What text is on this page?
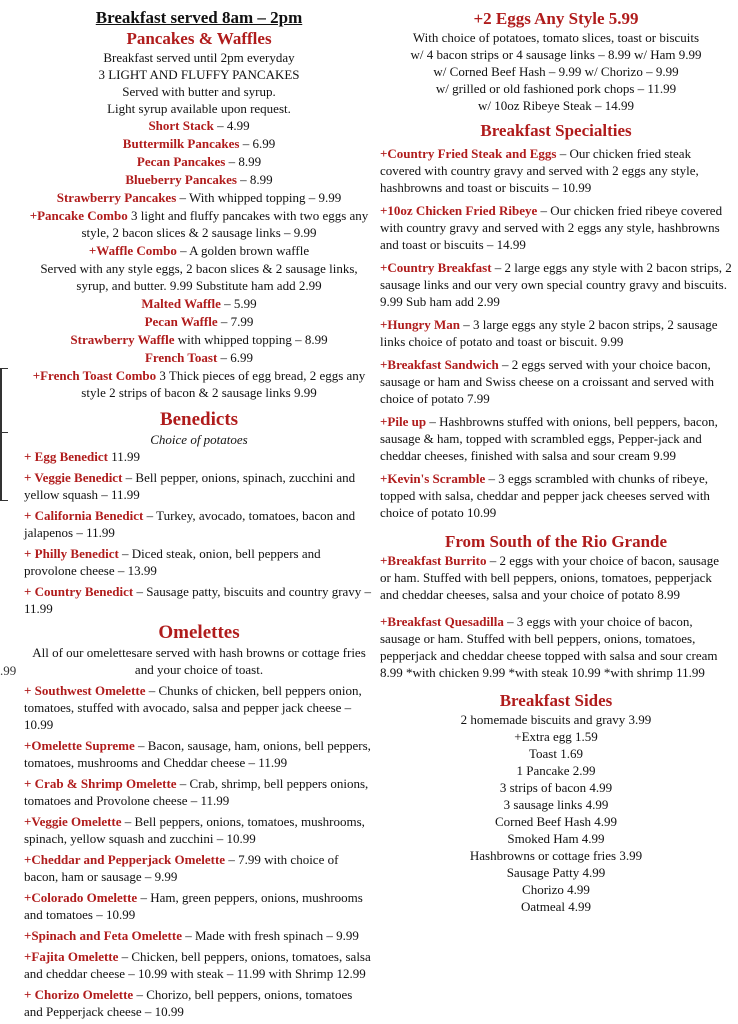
.99
Breakfast served 8am – 2pm
Pancakes & Waffles
Breakfast served until 2pm everyday
3 LIGHT AND FLUFFY PANCAKES
Served with butter and syrup.
Light syrup available upon request.
Short Stack – 4.99
Buttermilk Pancakes – 6.99
Pecan Pancakes – 8.99
Blueberry Pancakes – 8.99
Strawberry Pancakes – With whipped topping – 9.99
+Pancake Combo 3 light and fluffy pancakes with two eggs any style, 2 bacon slices & 2 sausage links – 9.99
+Waffle Combo – A golden brown waffle
Served with any style eggs, 2 bacon slices & 2 sausage links, syrup, and butter. 9.99 Substitute ham add 2.99
Malted Waffle – 5.99
Pecan Waffle – 7.99
Strawberry Waffle with whipped topping – 8.99
French Toast – 6.99
+French Toast Combo 3 Thick pieces of egg bread, 2 eggs any style 2 strips of bacon & 2 sausage links 9.99
Benedicts
Choice of potatoes
+ Egg Benedict 11.99
+ Veggie Benedict – Bell pepper, onions, spinach, zucchini and yellow squash – 11.99
+ California Benedict – Turkey, avocado, tomatoes, bacon and jalapenos – 11.99
+ Philly Benedict – Diced steak, onion, bell peppers and provolone cheese – 13.99
+ Country Benedict – Sausage patty, biscuits and country gravy – 11.99
Omelettes
All of our omelettesare served with hash browns or cottage fries and your choice of toast.
+ Southwest Omelette – Chunks of chicken, bell peppers onion, tomatoes, stuffed with avocado, salsa and pepper jack cheese – 10.99
+Omelette Supreme – Bacon, sausage, ham, onions, bell peppers, tomatoes, mushrooms and Cheddar cheese – 11.99
+ Crab & Shrimp Omelette – Crab, shrimp, bell peppers onions, tomatoes and Provolone cheese – 11.99
+Veggie Omelette – Bell peppers, onions, tomatoes, mushrooms, spinach, yellow squash and zucchini – 10.99
+Cheddar and Pepperjack Omelette – 7.99 with choice of bacon, ham or sausage – 9.99
+Colorado Omelette – Ham, green peppers, onions, mushrooms and tomatoes – 10.99
+Spinach and Feta Omelette – Made with fresh spinach – 9.99
+Fajita Omelette – Chicken, bell peppers, onions, tomatoes, salsa and cheddar cheese – 10.99 with steak – 11.99 with Shrimp 12.99
+ Chorizo Omelette – Chorizo, bell peppers, onions, tomatoes and Pepperjack cheese – 10.99
+2 Eggs Any Style 5.99
With choice of potatoes, tomato slices, toast or biscuits
w/ 4 bacon strips or 4 sausage links – 8.99 w/ Ham 9.99
w/ Corned Beef Hash – 9.99 w/ Chorizo – 9.99
w/ grilled or old fashioned pork chops – 11.99
w/ 10oz Ribeye Steak – 14.99
Breakfast Specialties
+Country Fried Steak and Eggs – Our chicken fried steak covered with country gravy and served with 2 eggs any style, hashbrowns and toast or biscuits – 10.99
+10oz Chicken Fried Ribeye – Our chicken fried ribeye covered with country gravy and served with 2 eggs any style, hashbrowns and toast or biscuits – 14.99
+Country Breakfast – 2 large eggs any style with 2 bacon strips, 2 sausage links and our very own special country gravy and biscuits. 9.99 Sub ham add 2.99
+Hungry Man – 3 large eggs any style 2 bacon strips, 2 sausage links choice of potato and toast or biscuit. 9.99
+Breakfast Sandwich – 2 eggs served with your choice bacon, sausage or ham and Swiss cheese on a croissant and served with choice of potato 7.99
+Pile up – Hashbrowns stuffed with onions, bell peppers, bacon, sausage & ham, topped with scrambled eggs, Pepper-jack and cheddar cheeses, finished with salsa and sour cream 9.99
+Kevin's Scramble – 3 eggs scrambled with chunks of ribeye, topped with salsa, cheddar and pepper jack cheeses served with choice of potato 10.99
From South of the Rio Grande
+Breakfast Burrito – 2 eggs with your choice of bacon, sausage or ham. Stuffed with bell peppers, onions, tomatoes, pepperjack and cheddar cheeses, salsa and your choice of potato 8.99
+Breakfast Quesadilla – 3 eggs with your choice of bacon, sausage or ham. Stuffed with bell peppers, onions, tomatoes, pepperjack and cheddar cheese topped with salsa and sour cream 8.99 *with chicken 9.99 *with steak 10.99 *with shrimp 11.99
Breakfast Sides
2 homemade biscuits and gravy 3.99
+Extra egg 1.59
Toast 1.69
1 Pancake 2.99
3 strips of bacon 4.99
3 sausage links 4.99
Corned Beef Hash 4.99
Smoked Ham 4.99
Hashbrowns or cottage fries 3.99
Sausage Patty 4.99
Chorizo 4.99
Oatmeal 4.99
